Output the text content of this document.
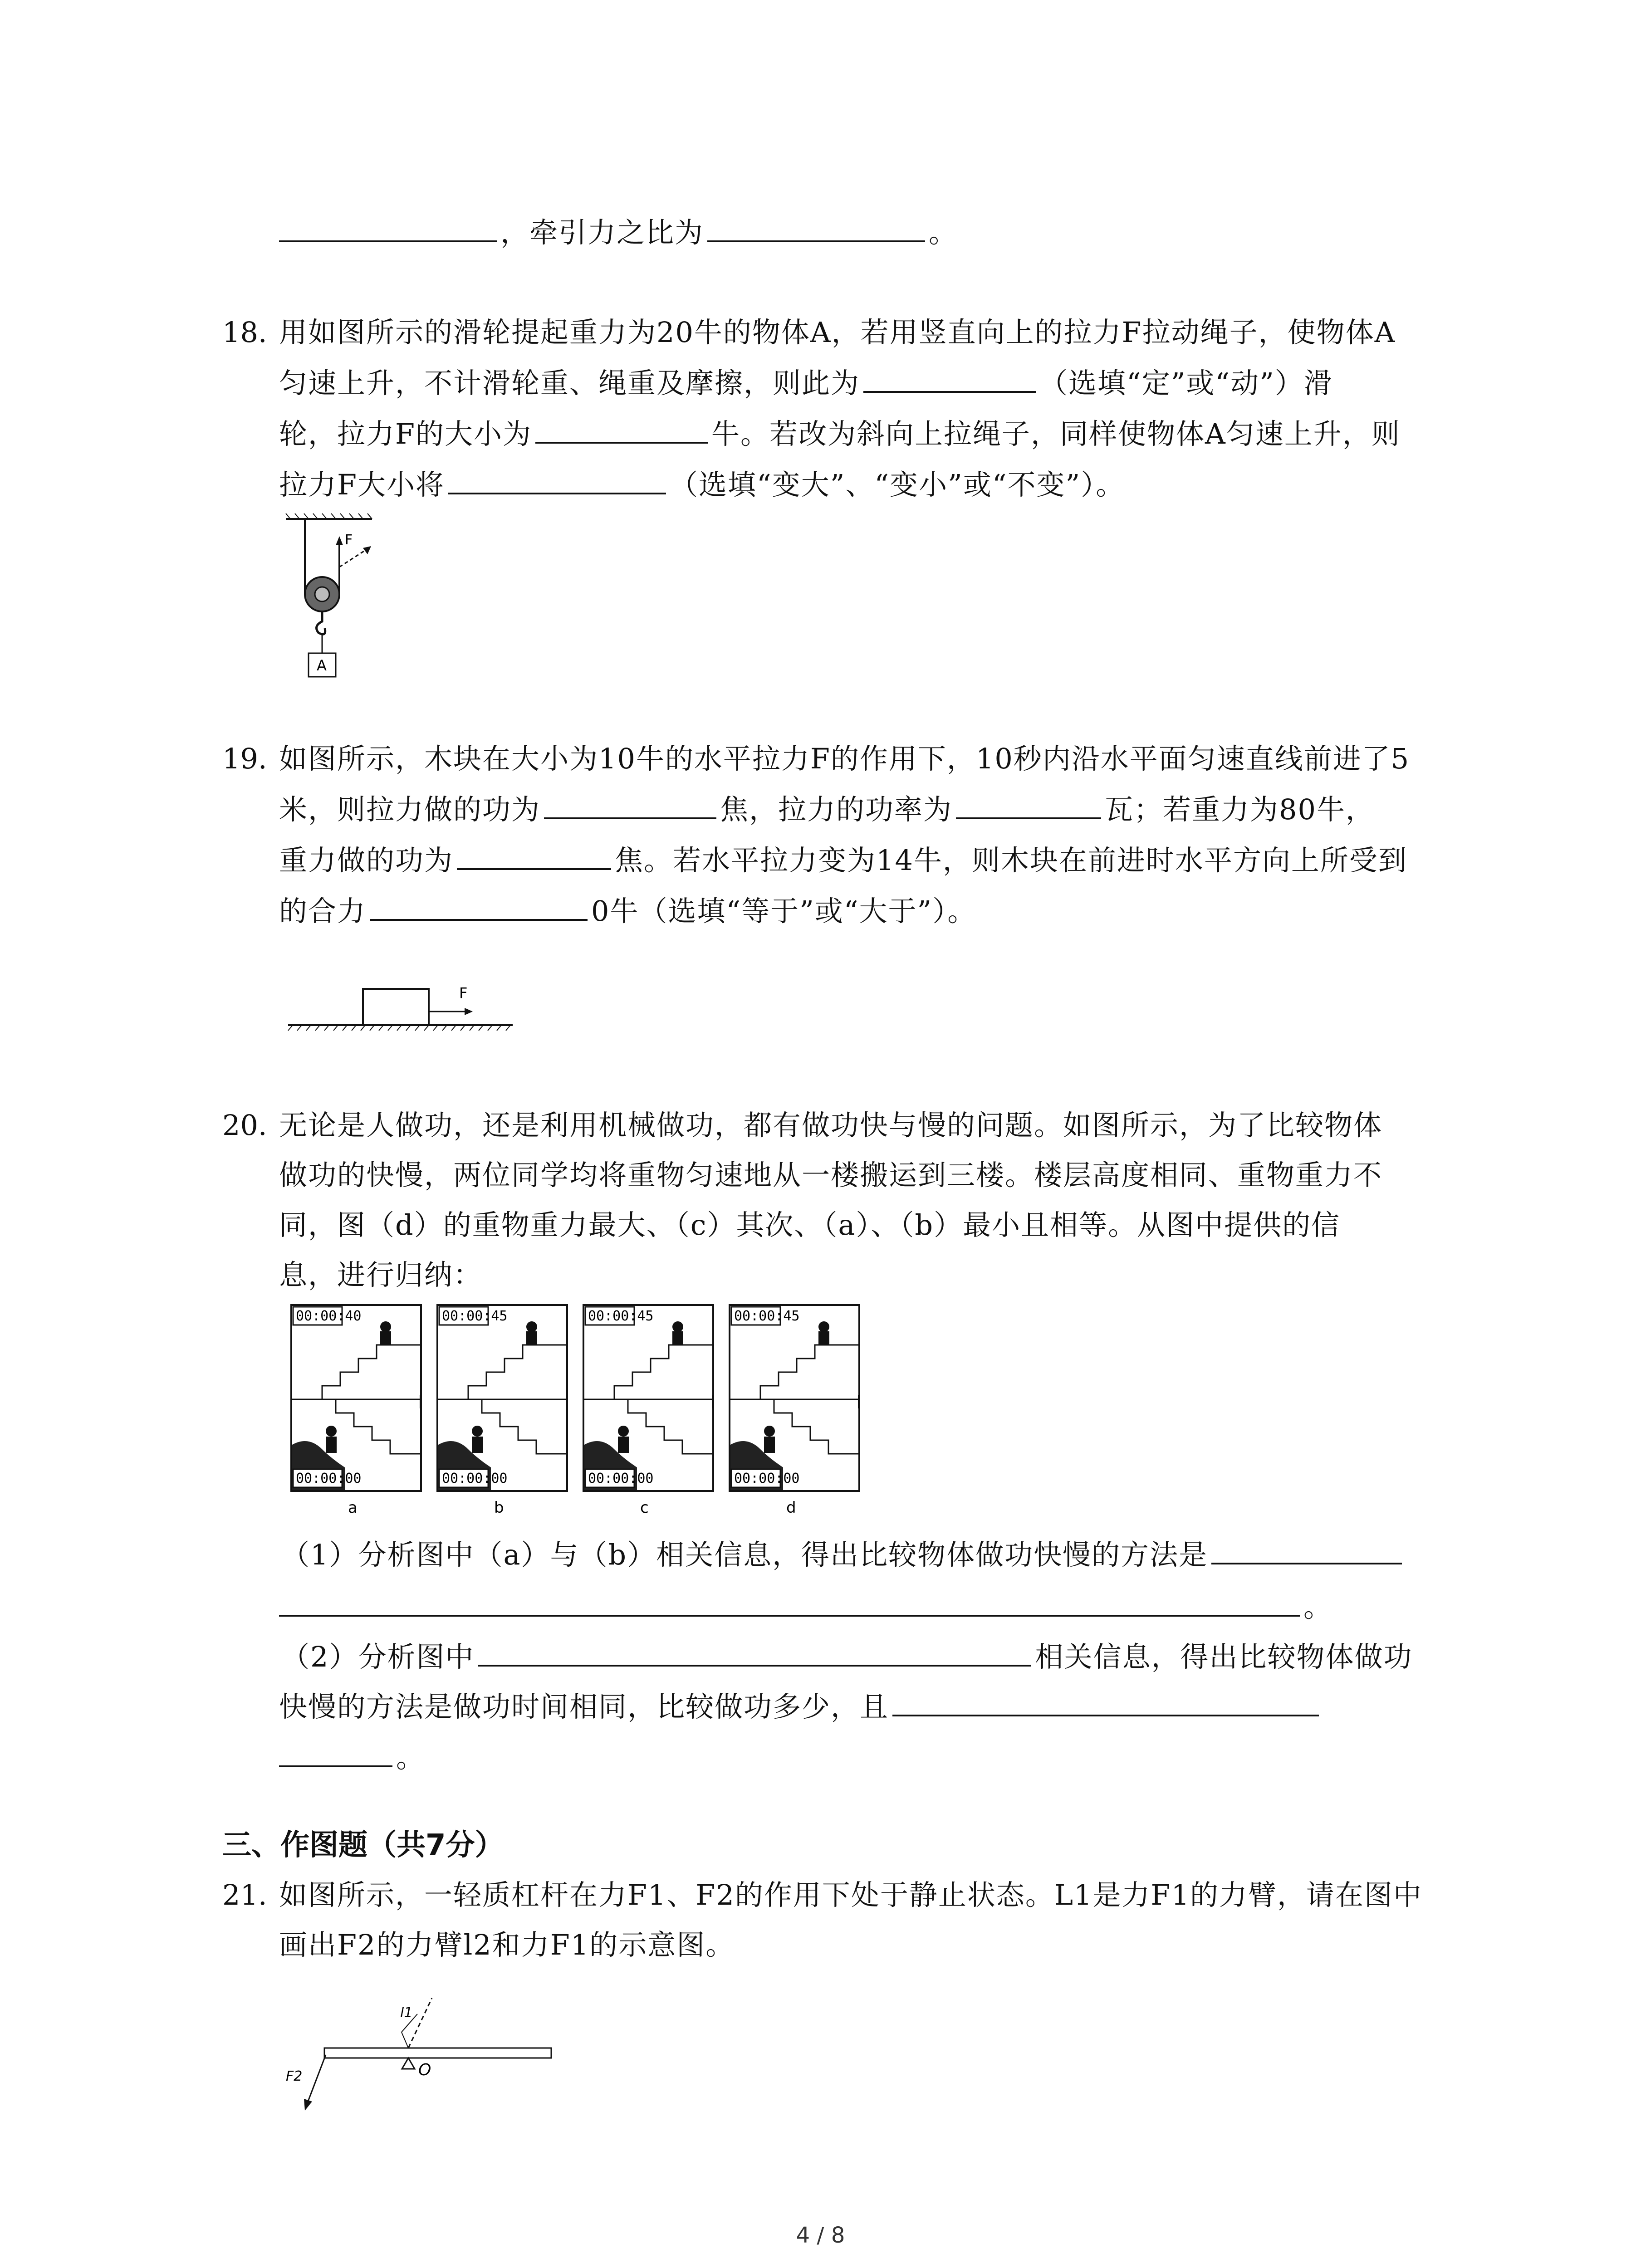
，牵引力之比为	。
18. 用如图所示的滑轮提起重力为20牛的物体A，若用竖直向上的拉力F拉动绳子，使物体A
匀速上升，不计滑轮重、绳重及摩擦，则此为	（选填“定”或“动”）滑
轮，拉力F的大小为	牛。若改为斜向上拉绳子，同样使物体A匀速上升，则
拉力F大小将	（选填“变大”、“变小”或“不变”）。
F
A
19. 如图所示，木块在大小为10牛的水平拉力F的作用下，10秒内沿水平面匀速直线前进了5
米，则拉力做的功为	焦，拉力的功率为	瓦；若重力为80牛，
重力做的功为	焦。若水平拉力变为14牛，则木块在前进时水平方向上所受到
的合力	0牛（选填“等于”或“大于”）。
F
20. 无论是人做功，还是利用机械做功，都有做功快与慢的问题。如图所示，为了比较物体
做功的快慢，两位同学均将重物匀速地从一楼搬运到三楼。楼层高度相同、重物重力不
同，图（d）的重物重力最大、（c）其次、（a）、（b）最小且相等。从图中提供的信
息，进行归纳：
00:00:40
00:00:00
a
00:00:45
00:00:00
b
00:00:45
00:00:00
c
00:00:45
00:00:00
d
（1）分析图中（a）与（b）相关信息，得出比较物体做功快慢的方法是
。
（2）分析图中	相关信息，得出比较物体做功
快慢的方法是做功时间相同，比较做功多少，且
。
三、作图题（共7分）
21. 如图所示，一轻质杠杆在力F1、F2的作用下处于静止状态。L1是力F1的力臂，请在图中
画出F2的力臂l2和力F1的示意图。
l1
O
F2
4 / 8
